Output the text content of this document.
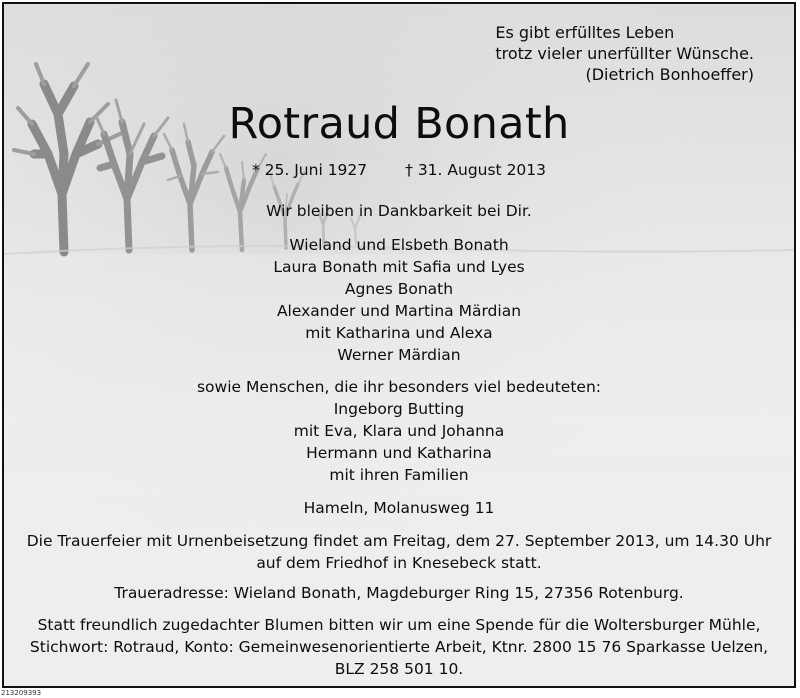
Es gibt erfülltes Leben
trotz vieler unerfüllter Wünsche.
(Dietrich Bonhoeffer)
Rotraud Bonath
* 25. Juni 1927 † 31. August 2013
Wir bleiben in Dankbarkeit bei Dir.
Wieland und Elsbeth Bonath
Laura Bonath mit Safia und Lyes
Agnes Bonath
Alexander und Martina Märdian
mit Katharina und Alexa
Werner Märdian
sowie Menschen, die ihr besonders viel bedeuteten:
Ingeborg Butting
mit Eva, Klara und Johanna
Hermann und Katharina
mit ihren Familien
Hameln, Molanusweg 11
Die Trauerfeier mit Urnenbeisetzung findet am Freitag, dem 27. September 2013, um 14.30 Uhr
auf dem Friedhof in Knesebeck statt.
Traueradresse: Wieland Bonath, Magdeburger Ring 15, 27356 Rotenburg.
Statt freundlich zugedachter Blumen bitten wir um eine Spende für die Woltersburger Mühle,
Stichwort: Rotraud, Konto: Gemeinwesenorientierte Arbeit, Ktnr. 2800 15 76 Sparkasse Uelzen,
BLZ 258 501 10.
213209393
